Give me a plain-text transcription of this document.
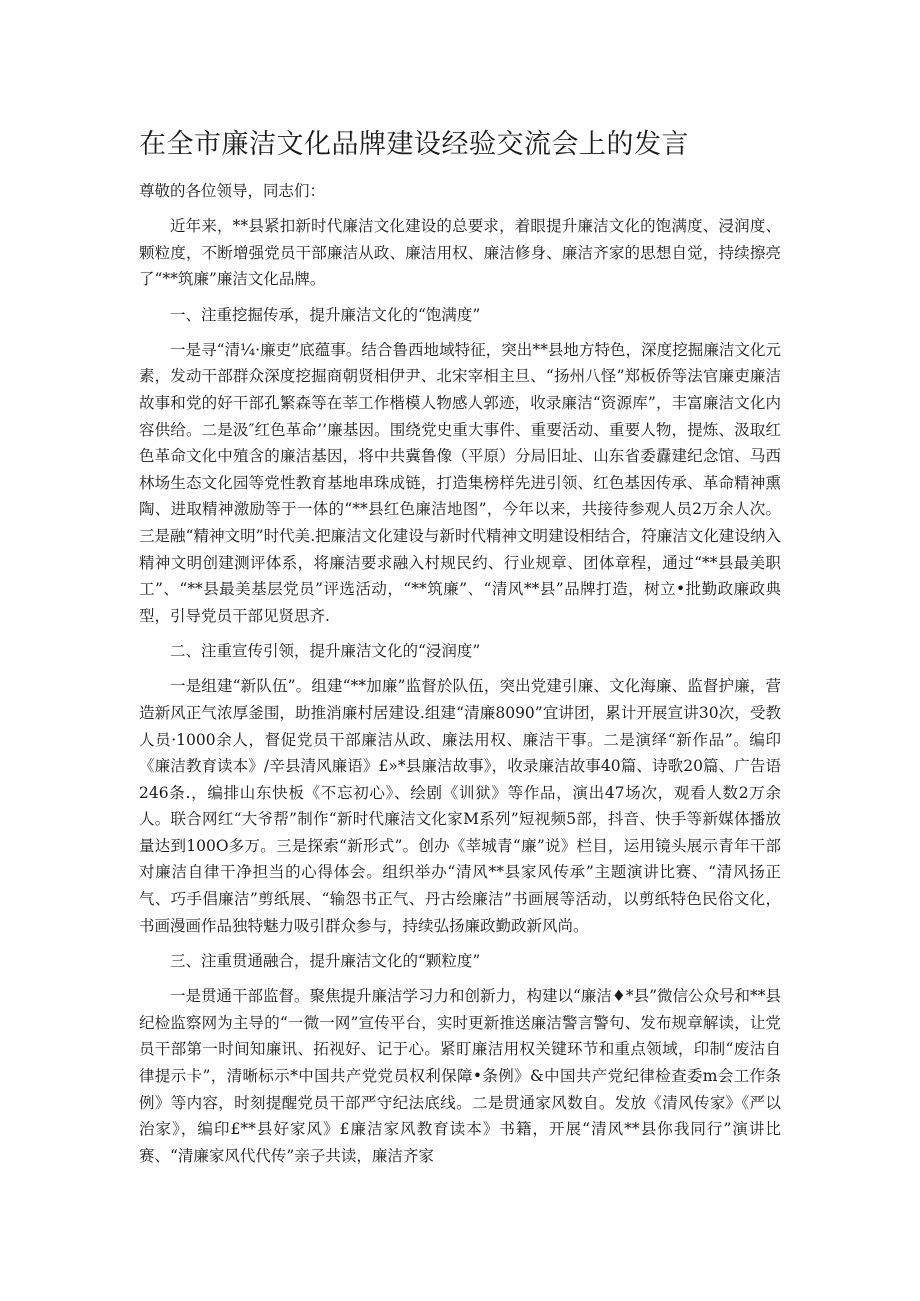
在全市廉洁文化品牌建设经验交流会上的发言

尊敬的各位领导，同志们：

近年来，**县紧扣新时代廉洁文化建设的总要求，着眼提升廉洁文化的饱满度、浸润度、颗粒度，不断增强党员干部廉洁从政、廉洁用权、廉洁修身、廉洁齐家的思想自觉，持续擦亮了“**筑廉”廉洁文化品牌。

一、注重挖掘传承，提升廉洁文化的“饱满度”

一是寻“清¼·廉吏”底蕴事。结合鲁西地域特征，突出**县地方特色，深度挖掘廉洁文化元素，发动干部群众深度挖掘商朝贤相伊尹、北宋宰相主旦、“扬州八怪”郑板侨等法官廉吏廉洁故事和党的好干部孔繁森等在莘工作楷模人物感人郭迹，收录廉洁“资源库”，丰富廉洁文化内容供给。二是汲″红色革命’’廉基因。围绕党史重大事件、重要活动、重要人物，提炼、汲取红色革命文化中殖含的廉洁基因，将中共冀鲁像（平原）分局旧址、山东省委纛建纪念馆、马西林场生态文化园等党性教育基地串珠成链，打造集榜样先进引领、红色基因传承、革命精神熏陶、进取精神激励等于一体的“**县红色廉洁地图”，今年以来，共接待参观人员2万余人次。三是融“精神文明”时代美.把廉洁文化建设与新时代精神文明建设相结合，符廉洁文化建设纳入精神文明创建测评体系，将廉洁要求融入村规民约、行业规章、团体章程，通过“**县最美职工”、“**县最美基层党员”评选活动，“**筑廉”、“清风**县”品牌打造，树立•批勤政廉政典型，引导党员干部见贤思齐.

二、注重宣传引领，提升廉洁文化的“浸润度”

一是组建“新队伍”。组建“**加廉”监督於队伍，突出党建引廉、文化海廉、监督护廉，营造新风正气浓厚釜围，助推消廉村居建设.组建“清廉8090”宜讲团，累计开展宣讲30次，受教人员·1000余人，督促党员干部廉洁从政、廉法用权、廉洁干事。二是演绎“新作品”。编印《廉洁教育读本》/辛县清风廉语》£»*县廉洁故事》，收录廉洁故事40篇、诗歌20篇、广告语246条.，编排山东快板《不忘初心》、绘剧《训狱》等作品，演出47场次，观看人数2万余人。联合网红“大爷帮”制作“新时代廉洁文化家M系列”短视频5部，抖音、快手等新媒体播放量达到100O多万。三是探索“新形式”。创办《莘城青“廉”说》栏目，运用镜头展示青年干部对廉洁自律干净担当的心得体会。组织举办“清风**县家风传承”主题演讲比赛、“清风扬正气、巧手倡廉洁”剪纸展、“输怨书正气、丹古绘廉洁”书画展等活动，以剪纸特色民俗文化，书画漫画作品独特魅力吸引群众参与，持续弘扬廉政勤政新风尚。

三、注重贯通融合，提升廉洁文化的“颗粒度”

一是贯通干部监督。聚焦提升廉洁学习力和创新力，构建以“廉洁♦*县”微信公众号和**县纪检监察网为主导的“一微一网”宣传平台，实时更新推送廉洁警言警句、发布规章解读，让党员干部第一时间知廉讯、拓视好、记于心。紧盯廉洁用权关键环节和重点领域，印制“废沽自律提示卡”，清晰标示*中国共产党党员权利保障•条例》&中国共产党纪律检查委m会工作条例》等内容，时刻提醒党员干部严守纪法底线。二是贯通家风数自。发放《清风传家》《严以治家》，编印£**县好家风》£廉洁家风教育读本》书籍，开展“清风**县你我同行”演讲比赛、“清廉家风代代传”亲子共读，廉洁齐家
